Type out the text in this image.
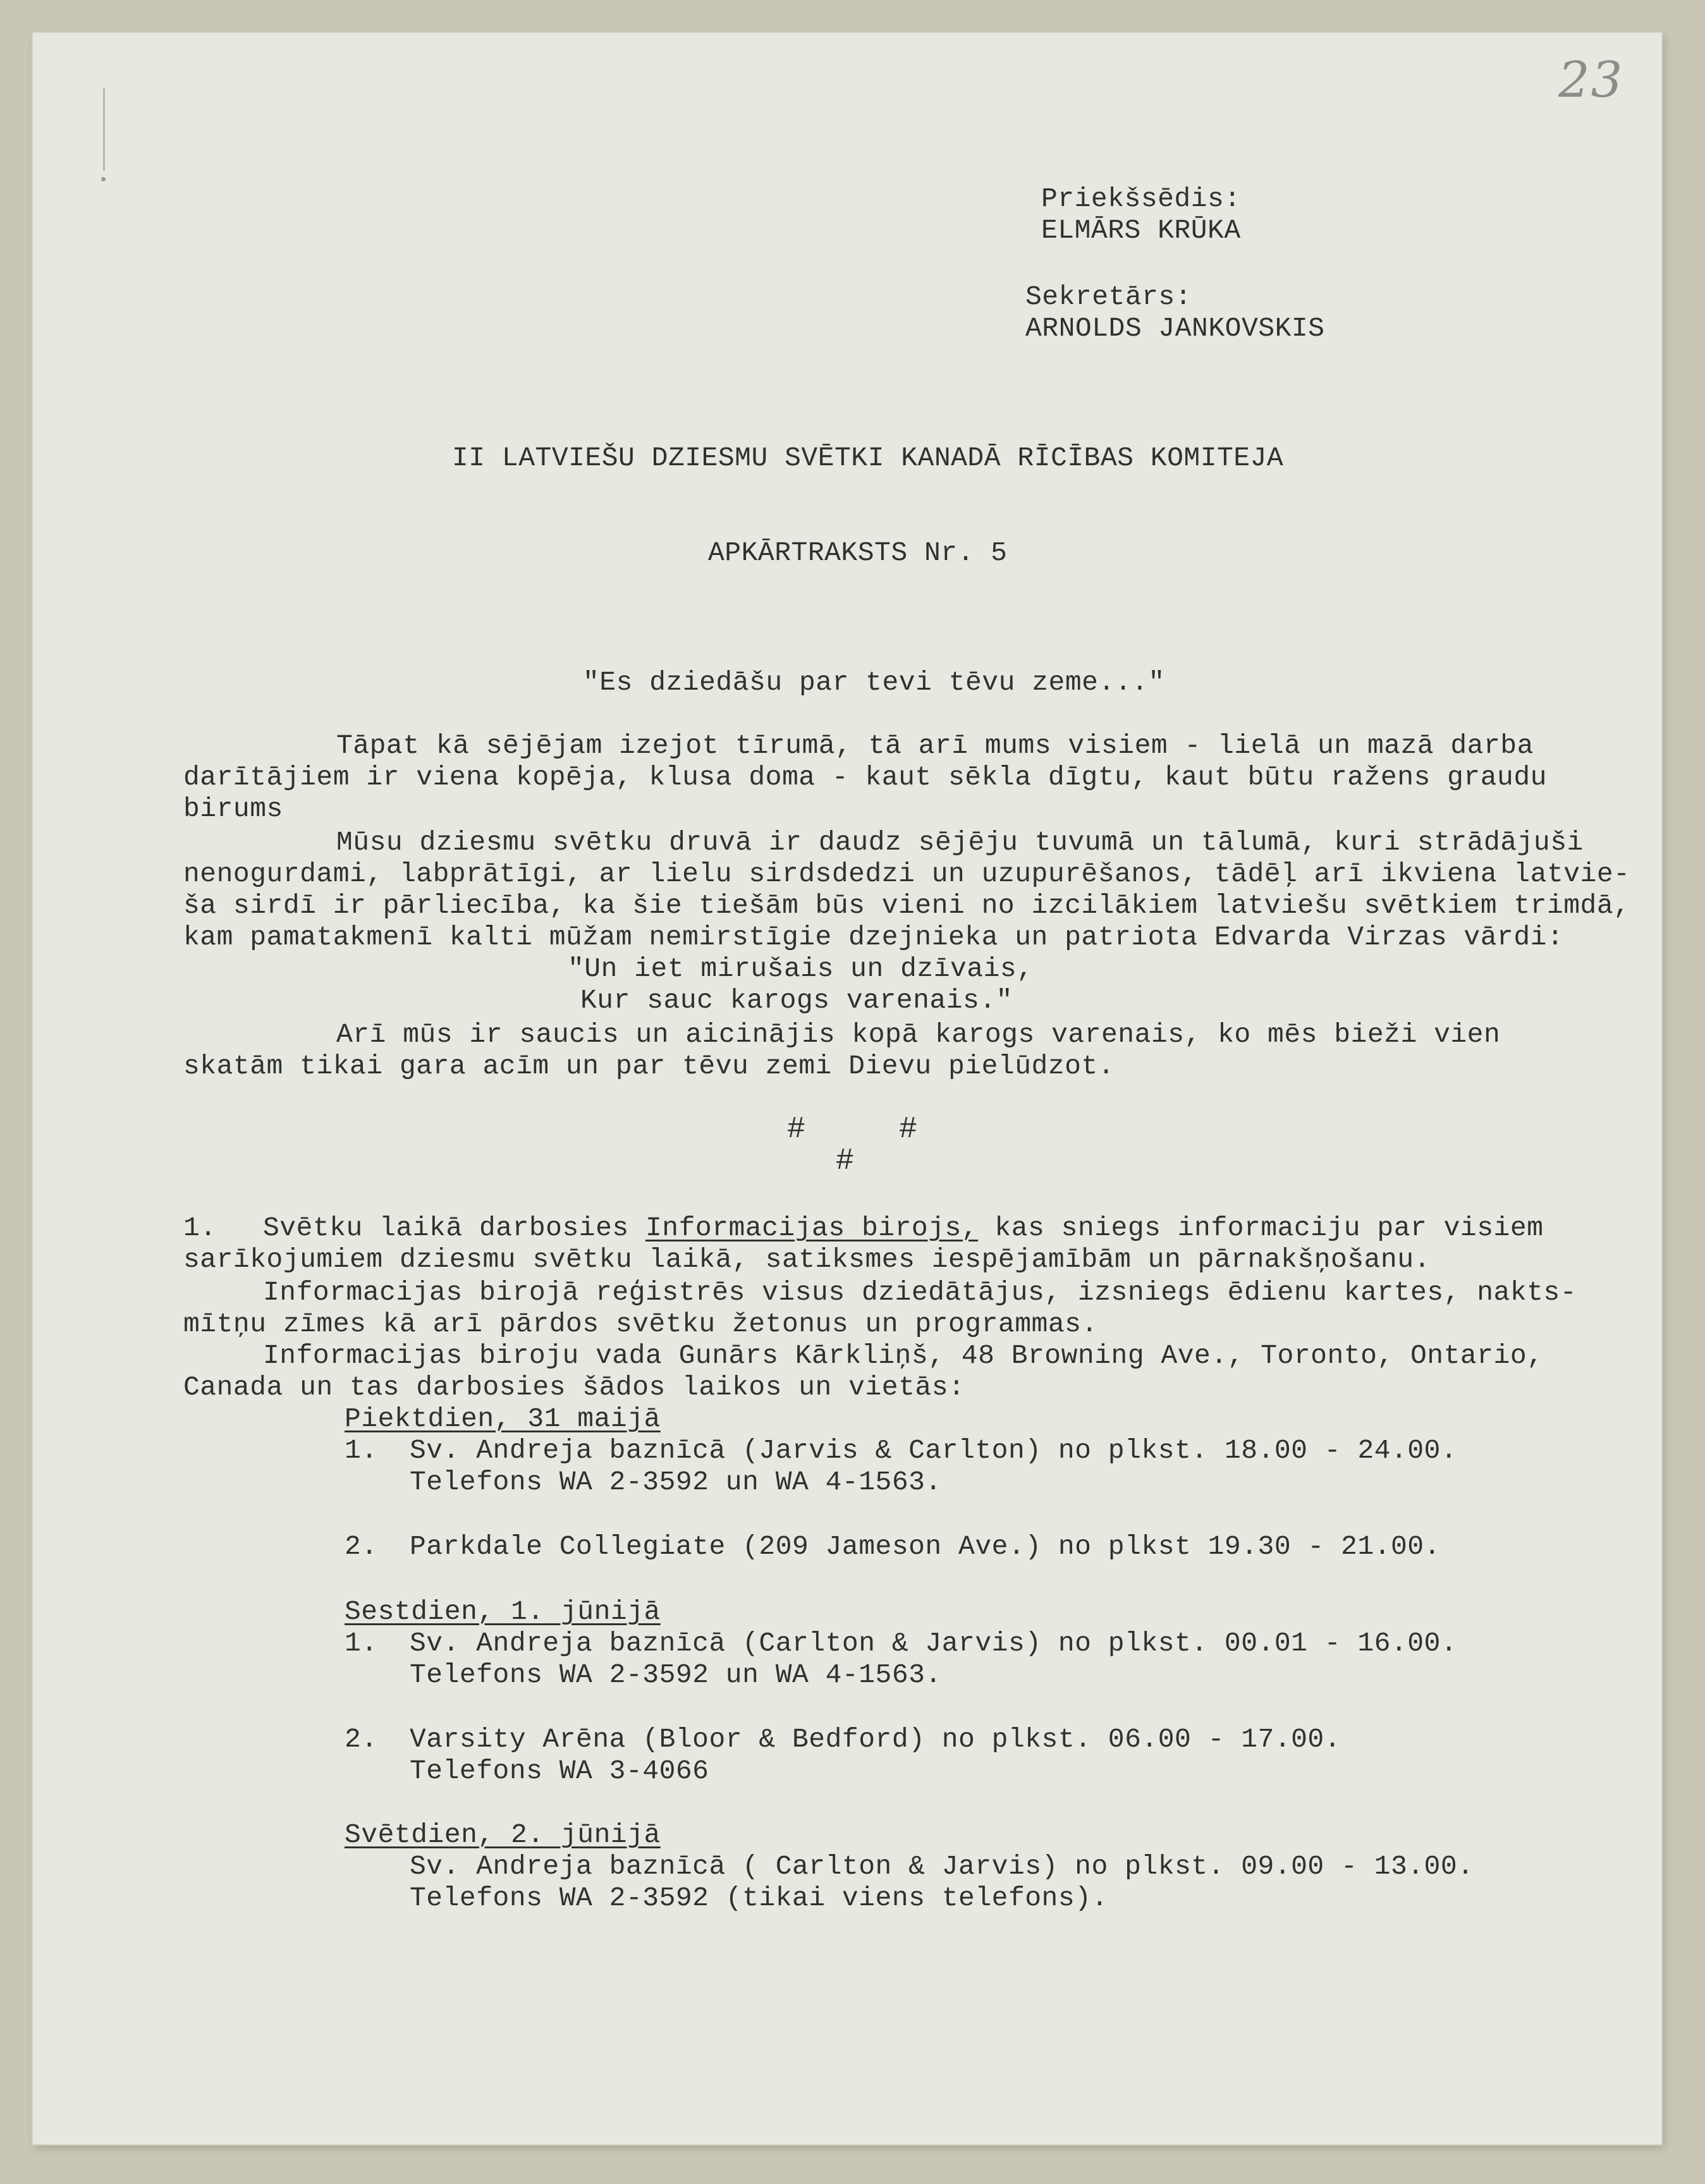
23
Priekšsēdis:
ELMĀRS KRŪKA
Sekretārs:
ARNOLDS JANKOVSKIS
II LATVIEŠU DZIESMU SVĒTKI KANADĀ RĪCĪBAS KOMITEJA
APKĀRTRAKSTS Nr. 5
"Es dziedāšu par tevi tēvu zeme..."
Tāpat kā sējējam izejot tīrumā, tā arī mums visiem - lielā un mazā darba
darītājiem ir viena kopēja, klusa doma - kaut sēkla dīgtu, kaut būtu ražens graudu
birums
Mūsu dziesmu svētku druvā ir daudz sējēju tuvumā un tālumā, kuri strādājuši
nenogurdami, labprātīgi, ar lielu sirdsdedzi un uzupurēšanos, tādēļ arī ikviena latvie-
ša sirdī ir pārliecība, ka šie tiešām būs vieni no izcilākiem latviešu svētkiem trimdā,
kam pamatakmenī kalti mūžam nemirstīgie dzejnieka un patriota Edvarda Virzas vārdi:
"Un iet mirušais un dzīvais,
Kur sauc karogs varenais."
Arī mūs ir saucis un aicinājis kopā karogs varenais, ko mēs bieži vien
skatām tikai gara acīm un par tēvu zemi Dievu pielūdzot.
#	#
#
1. Svētku laikā darbosies Informacijas birojs, kas sniegs informaciju par visiem
sarīkojumiem dziesmu svētku laikā, satiksmes iespējamībām un pārnakšņošanu.
Informacijas birojā reģistrēs visus dziedātājus, izsniegs ēdienu kartes, nakts-
mītņu zīmes kā arī pārdos svētku žetonus un programmas.
Informacijas biroju vada Gunārs Kārkliņš, 48 Browning Ave., Toronto, Ontario,
Canada un tas darbosies šādos laikos un vietās:
Piektdien, 31 maijā
1. Sv. Andreja baznīcā (Jarvis & Carlton) no plkst. 18.00 - 24.00.
Telefons WA 2-3592 un WA 4-1563.
2. Parkdale Collegiate (209 Jameson Ave.) no plkst 19.30 - 21.00.
Sestdien, 1. jūnijā
1. Sv. Andreja baznīcā (Carlton & Jarvis) no plkst. 00.01 - 16.00.
Telefons WA 2-3592 un WA 4-1563.
2. Varsity Arēna (Bloor & Bedford) no plkst. 06.00 - 17.00.
Telefons WA 3-4066
Svētdien, 2. jūnijā
Sv. Andreja baznīcā ( Carlton & Jarvis) no plkst. 09.00 - 13.00.
Telefons WA 2-3592 (tikai viens telefons).
